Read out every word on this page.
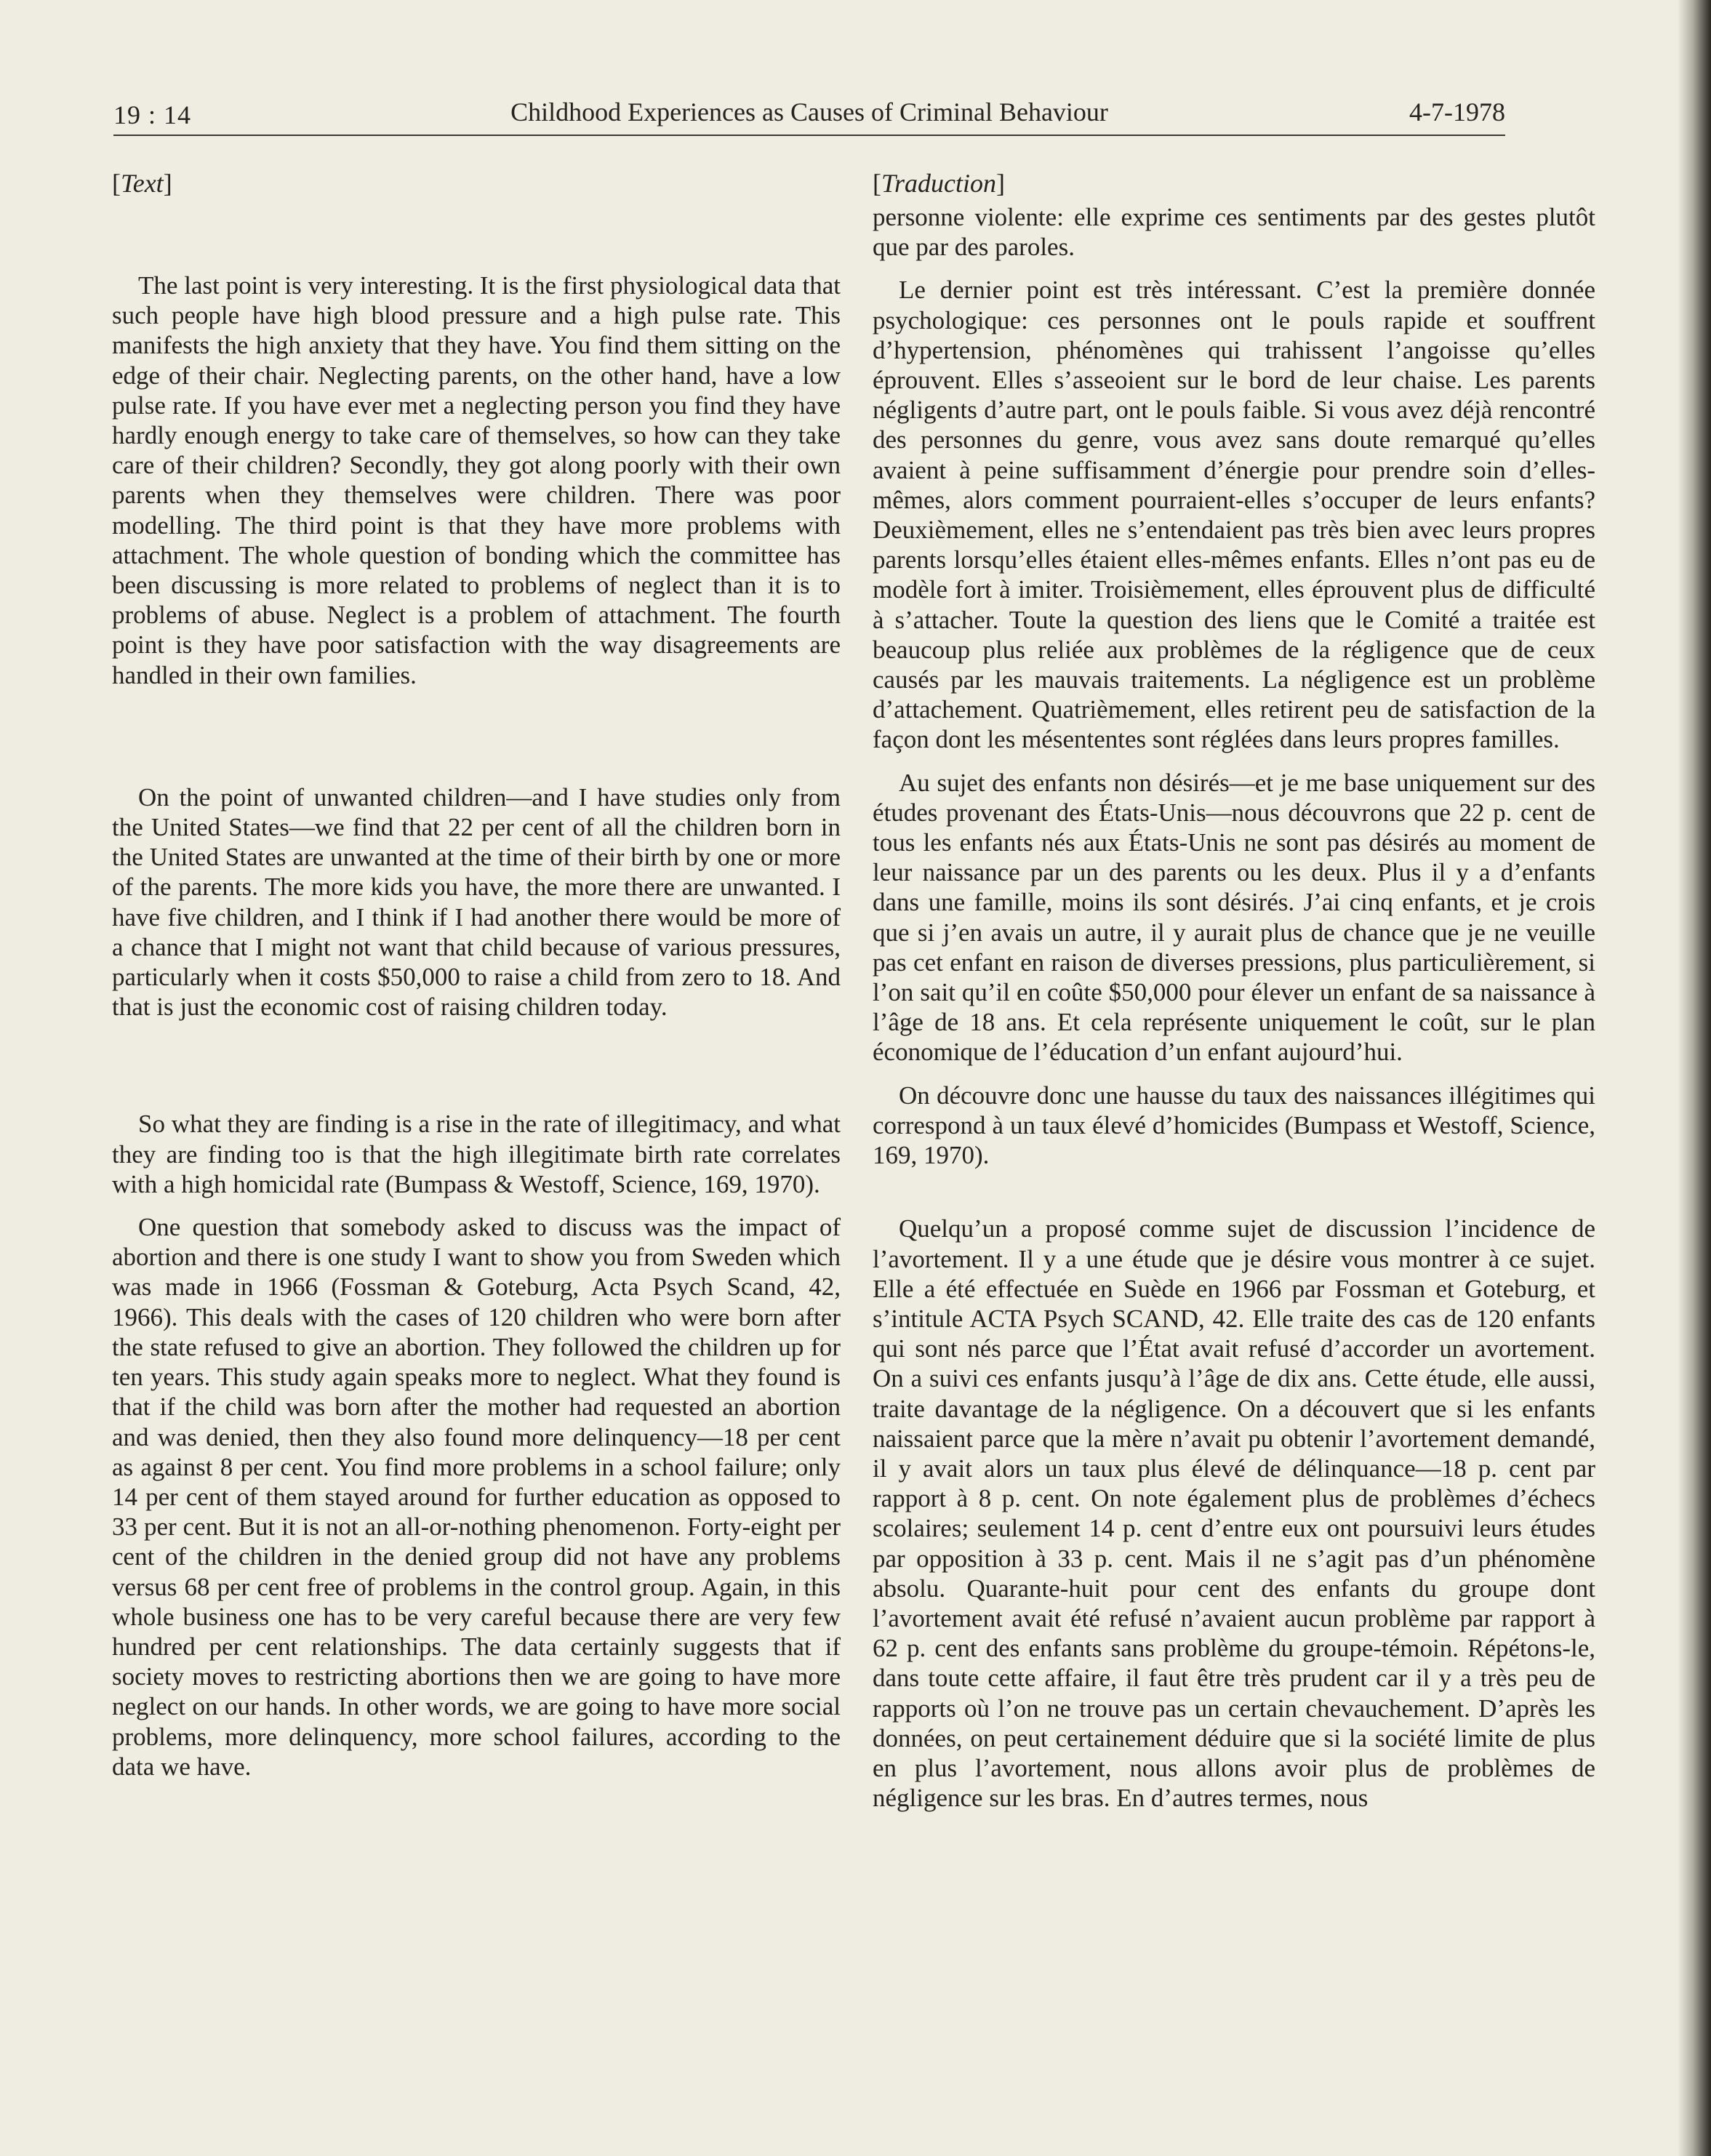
19 : 14	Childhood Experiences as Causes of Criminal Behaviour	4-7-1978
[Text]

The last point is very interesting. It is the first physiological data that such people have high blood pressure and a high pulse rate. This manifests the high anxiety that they have. You find them sitting on the edge of their chair. Neglecting parents, on the other hand, have a low pulse rate. If you have ever met a neglecting person you find they have hardly enough energy to take care of themselves, so how can they take care of their children? Secondly, they got along poorly with their own parents when they themselves were children. There was poor modelling. The third point is that they have more problems with attachment. The whole question of bonding which the committee has been discussing is more related to problems of neglect than it is to problems of abuse. Neglect is a problem of attachment. The fourth point is they have poor satisfaction with the way disagreements are handled in their own families.

On the point of unwanted children—and I have studies only from the United States—we find that 22 per cent of all the children born in the United States are unwanted at the time of their birth by one or more of the parents. The more kids you have, the more there are unwanted. I have five children, and I think if I had another there would be more of a chance that I might not want that child because of various pressures, particularly when it costs $50,000 to raise a child from zero to 18. And that is just the economic cost of raising children today.

So what they are finding is a rise in the rate of illegitimacy, and what they are finding too is that the high illegitimate birth rate correlates with a high homicidal rate (Bumpass & Westoff, Science, 169, 1970).

One question that somebody asked to discuss was the impact of abortion and there is one study I want to show you from Sweden which was made in 1966 (Fossman & Goteburg, Acta Psych Scand, 42, 1966). This deals with the cases of 120 children who were born after the state refused to give an abortion. They followed the children up for ten years. This study again speaks more to neglect. What they found is that if the child was born after the mother had requested an abortion and was denied, then they also found more delinquency—18 per cent as against 8 per cent. You find more problems in a school failure; only 14 per cent of them stayed around for further education as opposed to 33 per cent. But it is not an all-or-nothing phenomenon. Forty-eight per cent of the children in the denied group did not have any problems versus 68 per cent free of problems in the control group. Again, in this whole business one has to be very careful because there are very few hundred per cent relationships. The data certainly suggests that if society moves to restricting abortions then we are going to have more neglect on our hands. In other words, we are going to have more social problems, more delinquency, more school failures, according to the data we have.

[Traduction]

personne violente: elle exprime ces sentiments par des gestes plutôt que par des paroles.

Le dernier point est très intéressant. C’est la première donnée psychologique: ces personnes ont le pouls rapide et souffrent d’hypertension, phénomènes qui trahissent l’angoisse qu’elles éprouvent. Elles s’asseoient sur le bord de leur chaise. Les parents négligents d’autre part, ont le pouls faible. Si vous avez déjà rencontré des personnes du genre, vous avez sans doute remarqué qu’elles avaient à peine suffisamment d’énergie pour prendre soin d’elles-mêmes, alors comment pourraient-elles s’occuper de leurs enfants? Deuxièmement, elles ne s’entendaient pas très bien avec leurs propres parents lorsqu’elles étaient elles-mêmes enfants. Elles n’ont pas eu de modèle fort à imiter. Troisièmement, elles éprouvent plus de difficulté à s’attacher. Toute la question des liens que le Comité a traitée est beaucoup plus reliée aux problèmes de la régligence que de ceux causés par les mauvais traitements. La négligence est un problème d’attachement. Quatrièmement, elles retirent peu de satisfaction de la façon dont les mésententes sont réglées dans leurs propres familles.

Au sujet des enfants non désirés—et je me base uniquement sur des études provenant des États-Unis—nous découvrons que 22 p. cent de tous les enfants nés aux États-Unis ne sont pas désirés au moment de leur naissance par un des parents ou les deux. Plus il y a d’enfants dans une famille, moins ils sont désirés. J’ai cinq enfants, et je crois que si j’en avais un autre, il y aurait plus de chance que je ne veuille pas cet enfant en raison de diverses pressions, plus particulièrement, si l’on sait qu’il en coûte $50,000 pour élever un enfant de sa naissance à l’âge de 18 ans. Et cela représente uniquement le coût, sur le plan économique de l’éducation d’un enfant aujourd’hui.

On découvre donc une hausse du taux des naissances illégitimes qui correspond à un taux élevé d’homicides (Bumpass et Westoff, Science, 169, 1970).

Quelqu’un a proposé comme sujet de discussion l’incidence de l’avortement. Il y a une étude que je désire vous montrer à ce sujet. Elle a été effectuée en Suède en 1966 par Fossman et Goteburg, et s’intitule ACTA Psych SCAND, 42. Elle traite des cas de 120 enfants qui sont nés parce que l’État avait refusé d’accorder un avortement. On a suivi ces enfants jusqu’à l’âge de dix ans. Cette étude, elle aussi, traite davantage de la négligence. On a découvert que si les enfants naissaient parce que la mère n’avait pu obtenir l’avortement demandé, il y avait alors un taux plus élevé de délinquance—18 p. cent par rapport à 8 p. cent. On note également plus de problèmes d’échecs scolaires; seulement 14 p. cent d’entre eux ont poursuivi leurs études par opposition à 33 p. cent. Mais il ne s’agit pas d’un phénomène absolu. Quarante-huit pour cent des enfants du groupe dont l’avortement avait été refusé n’avaient aucun problème par rapport à 62 p. cent des enfants sans problème du groupe-témoin. Répétons-le, dans toute cette affaire, il faut être très prudent car il y a très peu de rapports où l’on ne trouve pas un certain chevauchement. D’après les données, on peut certainement déduire que si la société limite de plus en plus l’avortement, nous allons avoir plus de problèmes de négligence sur les bras. En d’autres termes, nous
